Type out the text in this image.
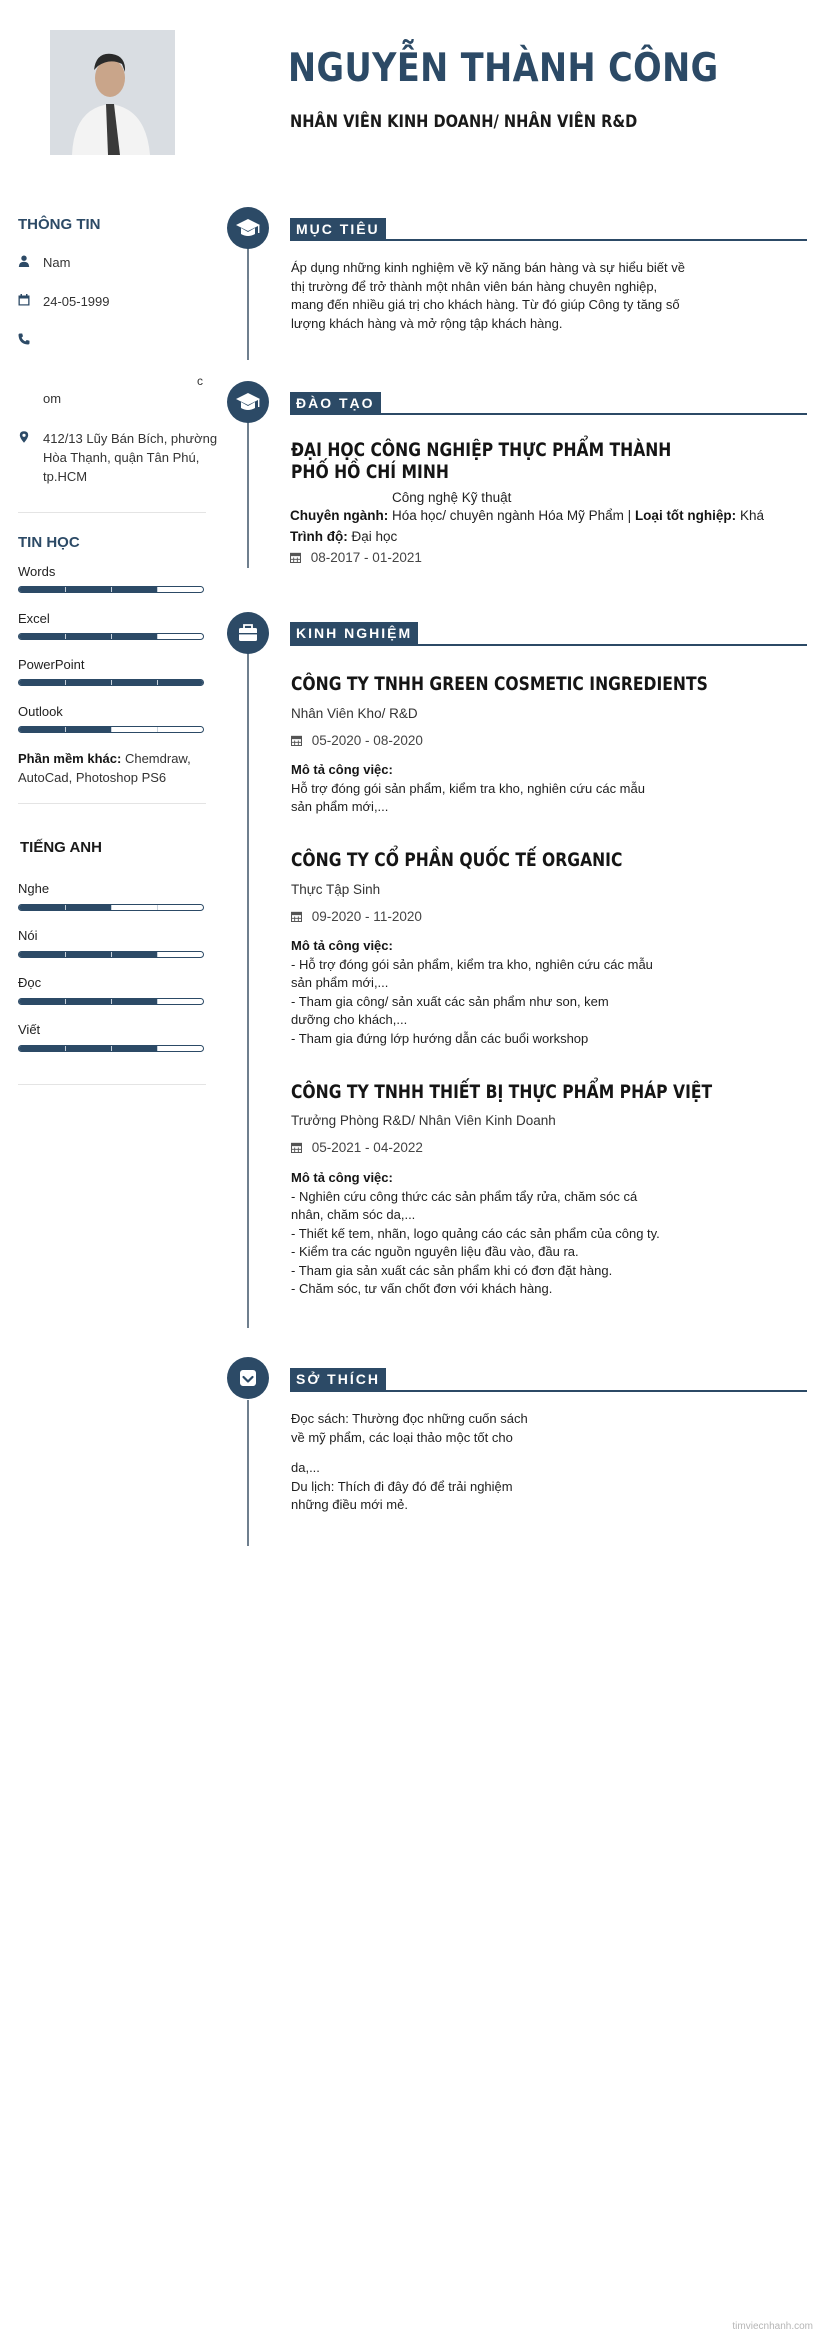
NGUYỄN THÀNH CÔNG
NHÂN VIÊN KINH DOANH/ NHÂN VIÊN R&D
THÔNG TIN
Nam
24-05-1999
c
om
412/13 Lũy Bán Bích, phường Hòa Thạnh, quận Tân Phú, tp.HCM
TIN HỌC
Words
Excel
PowerPoint
Outlook
Phần mềm khác: Chemdraw, AutoCad, Photoshop PS6
TIẾNG ANH
Nghe
Nói
Đọc
Viết
MỤC TIÊU
Áp dụng những kinh nghiệm về kỹ năng bán hàng và sự hiểu biết về thị trường để trở thành một nhân viên bán hàng chuyên nghiệp, mang đến nhiều giá trị cho khách hàng. Từ đó giúp Công ty tăng số lượng khách hàng và mở rộng tập khách hàng.
ĐÀO TẠO
ĐẠI HỌC CÔNG NGHIỆP THỰC PHẨM THÀNH
PHỐ HỒ CHÍ MINH
Công nghệ Kỹ thuật
Chuyên ngành: Hóa học/ chuyên ngành Hóa Mỹ Phẩm | Loại tốt nghiệp: Khá
Trình độ: Đại học
08-2017 - 01-2021
KINH NGHIỆM
CÔNG TY TNHH GREEN COSMETIC INGREDIENTS
Nhân Viên Kho/ R&D
05-2020 - 08-2020
Mô tả công việc:
Hỗ trợ đóng gói sản phẩm, kiểm tra kho, nghiên cứu các mẫu
sản phẩm mới,...
CÔNG TY CỔ PHẦN QUỐC TẾ ORGANIC
Thực Tập Sinh
09-2020 - 11-2020
Mô tả công việc:
- Hỗ trợ đóng gói sản phẩm, kiểm tra kho, nghiên cứu các mẫu
sản phẩm mới,...
- Tham gia công/ sản xuất các sản phẩm như son, kem
dưỡng cho khách,...
- Tham gia đứng lớp hướng dẫn các buổi workshop
CÔNG TY TNHH THIẾT BỊ THỰC PHẨM PHÁP VIỆT
Trưởng Phòng R&D/ Nhân Viên Kinh Doanh
05-2021 - 04-2022
Mô tả công việc:
- Nghiên cứu công thức các sản phẩm tẩy rửa, chăm sóc cá
nhân, chăm sóc da,...
- Thiết kế tem, nhãn, logo quảng cáo các sản phẩm của công ty.
- Kiểm tra các nguồn nguyên liệu đầu vào, đầu ra.
- Tham gia sản xuất các sản phẩm khi có đơn đặt hàng.
- Chăm sóc, tư vấn chốt đơn với khách hàng.
SỞ THÍCH
Đọc sách: Thường đọc những cuốn sách
về mỹ phẩm, các loại thảo mộc tốt cho
da,...
Du lịch: Thích đi đây đó để trải nghiệm
những điều mới mẻ.
timviecnhanh.com
